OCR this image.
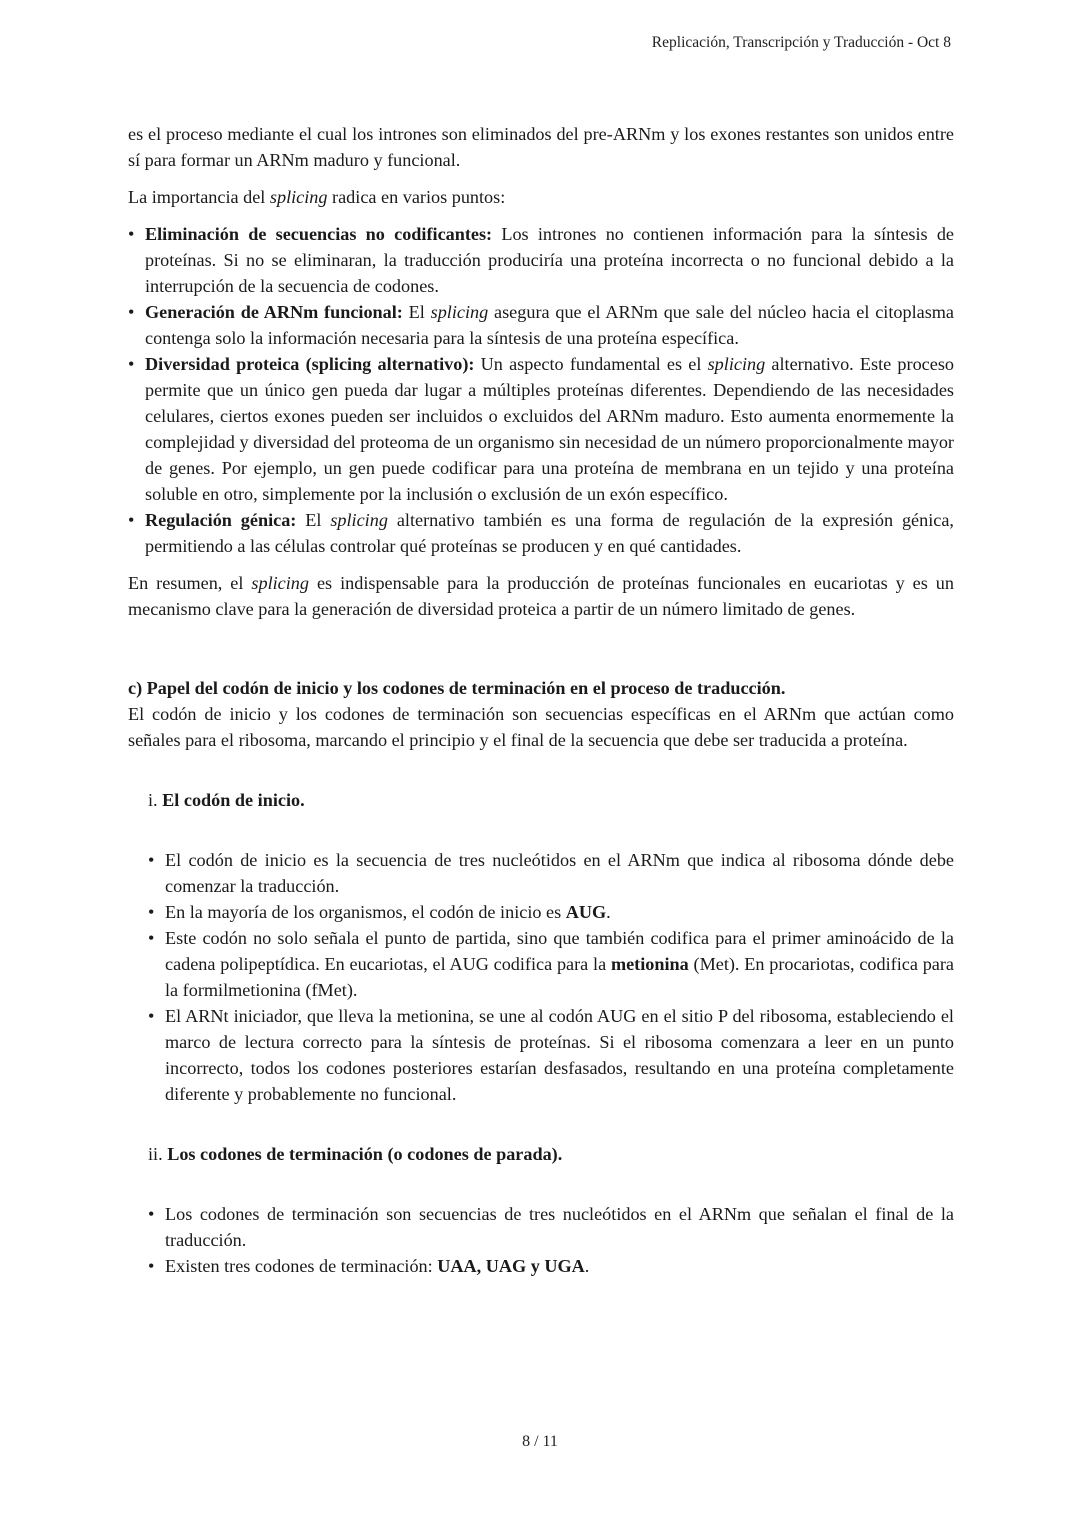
Replicación, Transcripción y Traducción - Oct 8

es el proceso mediante el cual los intrones son eliminados del pre-ARNm y los exones restantes son unidos entre sí para formar un ARNm maduro y funcional.

La importancia del splicing radica en varios puntos:

• Eliminación de secuencias no codificantes: Los intrones no contienen información para la síntesis de proteínas. Si no se eliminaran, la traducción produciría una proteína incorrecta o no funcional debido a la interrupción de la secuencia de codones.
• Generación de ARNm funcional: El splicing asegura que el ARNm que sale del núcleo hacia el citoplasma contenga solo la información necesaria para la síntesis de una proteína específica.
• Diversidad proteica (splicing alternativo): Un aspecto fundamental es el splicing alternativo. Este proceso permite que un único gen pueda dar lugar a múltiples proteínas diferentes. Dependiendo de las necesidades celulares, ciertos exones pueden ser incluidos o excluidos del ARNm maduro. Esto aumenta enormemente la complejidad y diversidad del proteoma de un organismo sin necesidad de un número proporcionalmente mayor de genes. Por ejemplo, un gen puede codificar para una proteína de membrana en un tejido y una proteína soluble en otro, simplemente por la inclusión o exclusión de un exón específico.
• Regulación génica: El splicing alternativo también es una forma de regulación de la expresión génica, permitiendo a las células controlar qué proteínas se producen y en qué cantidades.

En resumen, el splicing es indispensable para la producción de proteínas funcionales en eucariotas y es un mecanismo clave para la generación de diversidad proteica a partir de un número limitado de genes.

c) Papel del codón de inicio y los codones de terminación en el proceso de traducción.

El codón de inicio y los codones de terminación son secuencias específicas en el ARNm que actúan como señales para el ribosoma, marcando el principio y el final de la secuencia que debe ser traducida a proteína.

i. El codón de inicio.
• El codón de inicio es la secuencia de tres nucleótidos en el ARNm que indica al ribosoma dónde debe comenzar la traducción.
• En la mayoría de los organismos, el codón de inicio es AUG.
• Este codón no solo señala el punto de partida, sino que también codifica para el primer aminoácido de la cadena polipeptídica. En eucariotas, el AUG codifica para la metionina (Met). En procariotas, codifica para la formilmetionina (fMet).
• El ARNt iniciador, que lleva la metionina, se une al codón AUG en el sitio P del ribosoma, estableciendo el marco de lectura correcto para la síntesis de proteínas. Si el ribosoma comenzara a leer en un punto incorrecto, todos los codones posteriores estarían desfasados, resultando en una proteína completamente diferente y probablemente no funcional.
ii. Los codones de terminación (o codones de parada).
• Los codones de terminación son secuencias de tres nucleótidos en el ARNm que señalan el final de la traducción.
• Existen tres codones de terminación: UAA, UAG y UGA.
8 / 11
